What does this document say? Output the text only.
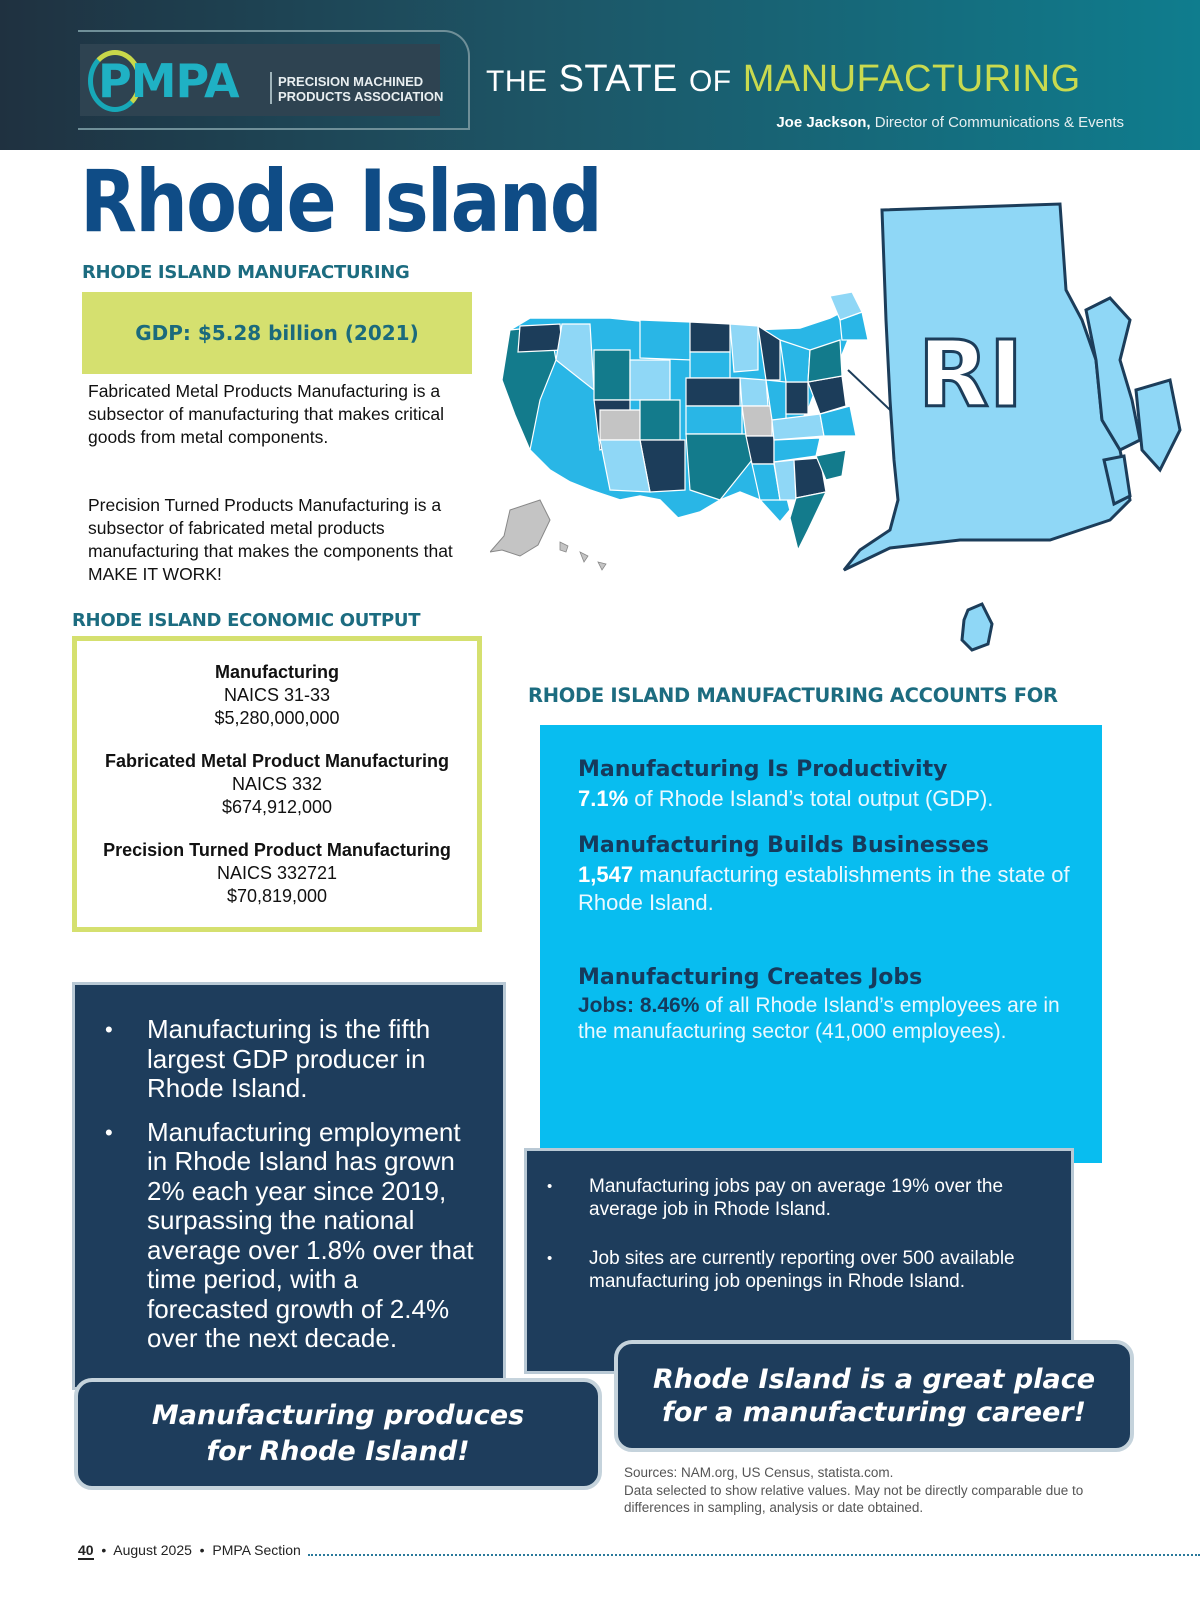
PMPA	PRECISION MACHINED PRODUCTS ASSOCIATION THE STATE OF MANUFACTURING
Joe Jackson, Director of Communications & Events
Rhode Island
RHODE ISLAND MANUFACTURING
GDP: $5.28 billion (2021)
Fabricated Metal Products Manufacturing is a subsector of manufacturing that makes critical goods from metal components.
Precision Turned Products Manufacturing is a subsector of fabricated metal products manufacturing that makes the components that MAKE IT WORK!
RHODE ISLAND ECONOMIC OUTPUT
Manufacturing
NAICS 31-33
$5,280,000,000
Fabricated Metal Product Manufacturing
NAICS 332
$674,912,000
Precision Turned Product Manufacturing
NAICS 332721
$70,819,000
RI
RHODE ISLAND MANUFACTURING ACCOUNTS FOR
Manufacturing Is Productivity
7.1% of Rhode Island’s total output (GDP).
Manufacturing Builds Businesses
1,547 manufacturing establishments in the state of Rhode Island.
Manufacturing Creates Jobs
Jobs: 8.46% of all Rhode Island’s employees are in the manufacturing sector (41,000 employees).
• Manufacturing is the fifth largest GDP producer in Rhode Island.
• Manufacturing employment in Rhode Island has grown 2% each year since 2019, surpassing the national average over 1.8% over that time period, with a forecasted growth of 2.4% over the next decade.
• Manufacturing jobs pay on average 19% over the average job in Rhode Island.
• Job sites are currently reporting over 500 available manufacturing job openings in Rhode Island.
Manufacturing produces for Rhode Island!
Rhode Island is a great place for a manufacturing career!
Sources: NAM.org, US Census, statista.com.
Data selected to show relative values. May not be directly comparable due to differences in sampling, analysis or date obtained.
40  •  August 2025  •  PMPA Section
